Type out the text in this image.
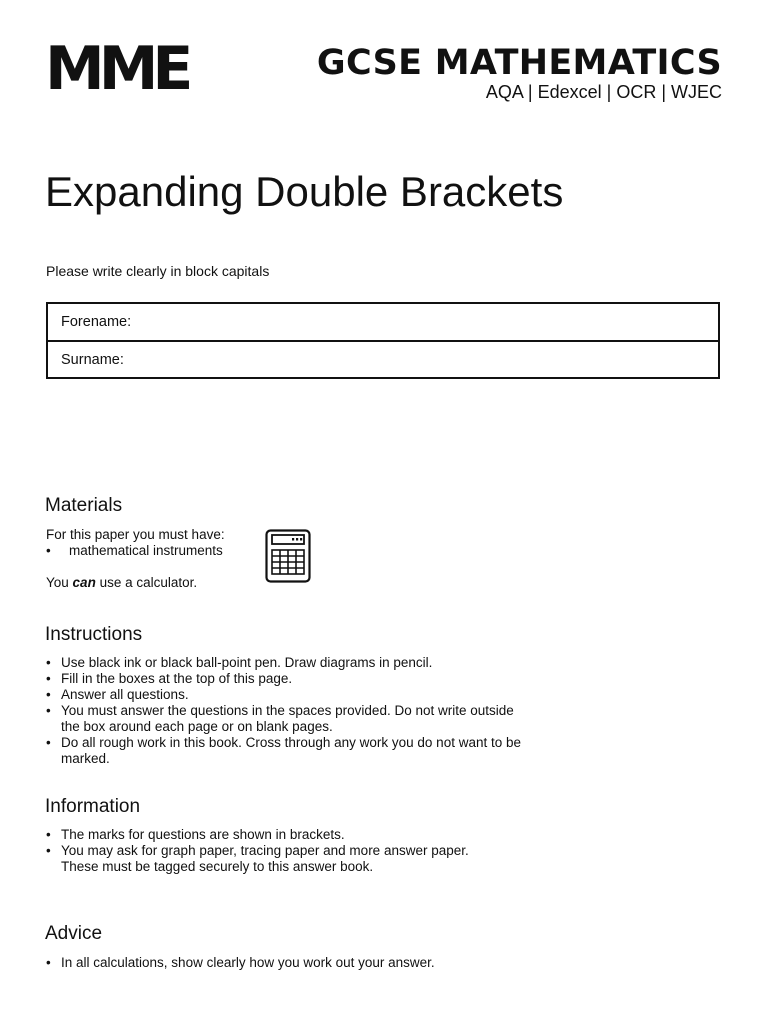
MME	GCSE MATHEMATICS
AQA | Edexcel | OCR | WJEC
Expanding Double Brackets
Please write clearly in block capitals
Forename:
Surname:
Materials
For this paper you must have:
• mathematical instruments
You can use a calculator.
Instructions
• Use black ink or black ball-point pen. Draw diagrams in pencil.
• Fill in the boxes at the top of this page.
• Answer all questions.
• You must answer the questions in the spaces provided. Do not write outside the box around each page or on blank pages.
• Do all rough work in this book. Cross through any work you do not want to be marked.
Information
• The marks for questions are shown in brackets.
• You may ask for graph paper, tracing paper and more answer paper. These must be tagged securely to this answer book.
Advice
• In all calculations, show clearly how you work out your answer.
